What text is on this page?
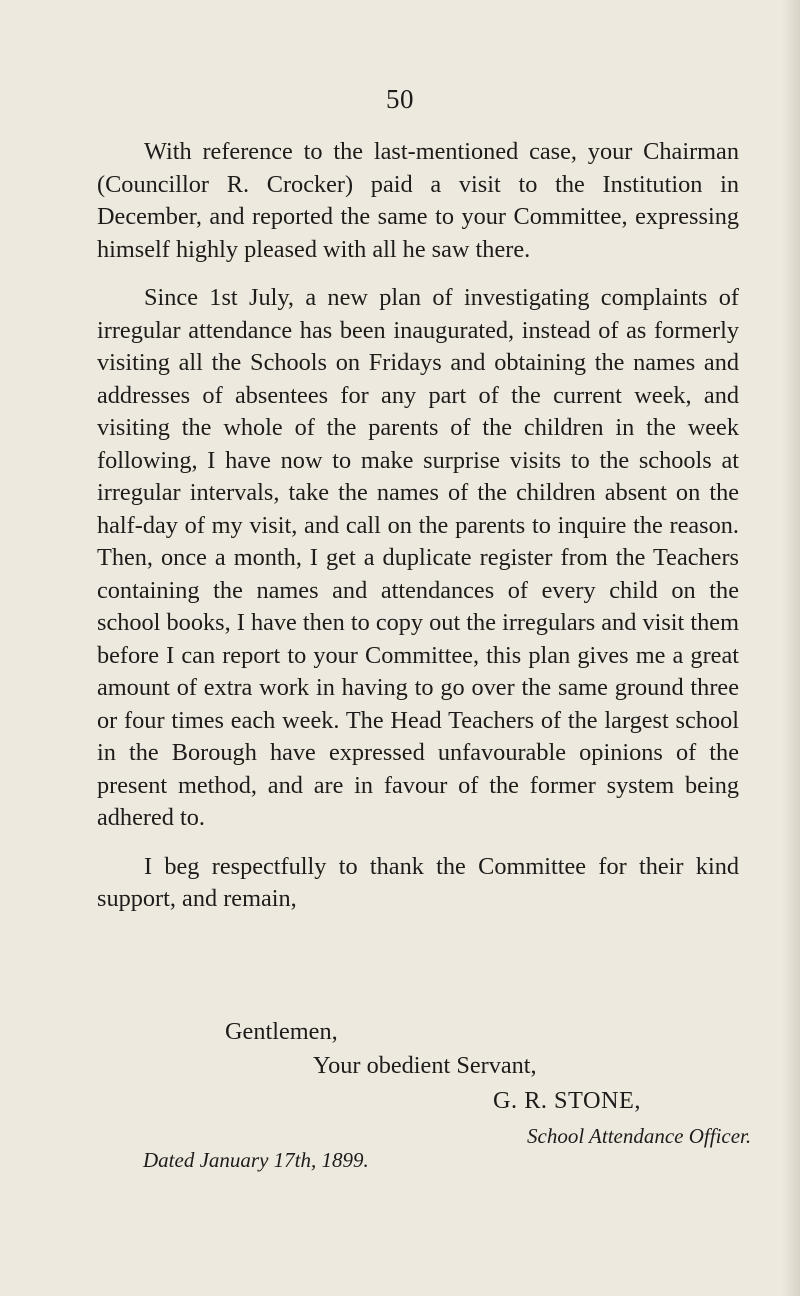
50

With reference to the last-mentioned case, your Chairman (Councillor R. Crocker) paid a visit to the Institution in December, and reported the same to your Committee, expressing himself highly pleased with all he saw there.

Since 1st July, a new plan of investigating complaints of irregular attendance has been inaugurated, instead of as formerly visiting all the Schools on Fridays and obtaining the names and addresses of absentees for any part of the current week, and visiting the whole of the parents of the children in the week following, I have now to make surprise visits to the schools at irregular intervals, take the names of the children absent on the half-day of my visit, and call on the parents to inquire the reason. Then, once a month, I get a duplicate register from the Teachers containing the names and attendances of every child on the school books, I have then to copy out the irregulars and visit them before I can report to your Committee, this plan gives me a great amount of extra work in having to go over the same ground three or four times each week. The Head Teachers of the largest school in the Borough have expressed unfavourable opinions of the present method, and are in favour of the former system being adhered to.

I beg respectfully to thank the Committee for their kind support, and remain,

Gentlemen,
Your obedient Servant,
G. R. STONE,
School Attendance Officer.
Dated January 17th, 1899.
